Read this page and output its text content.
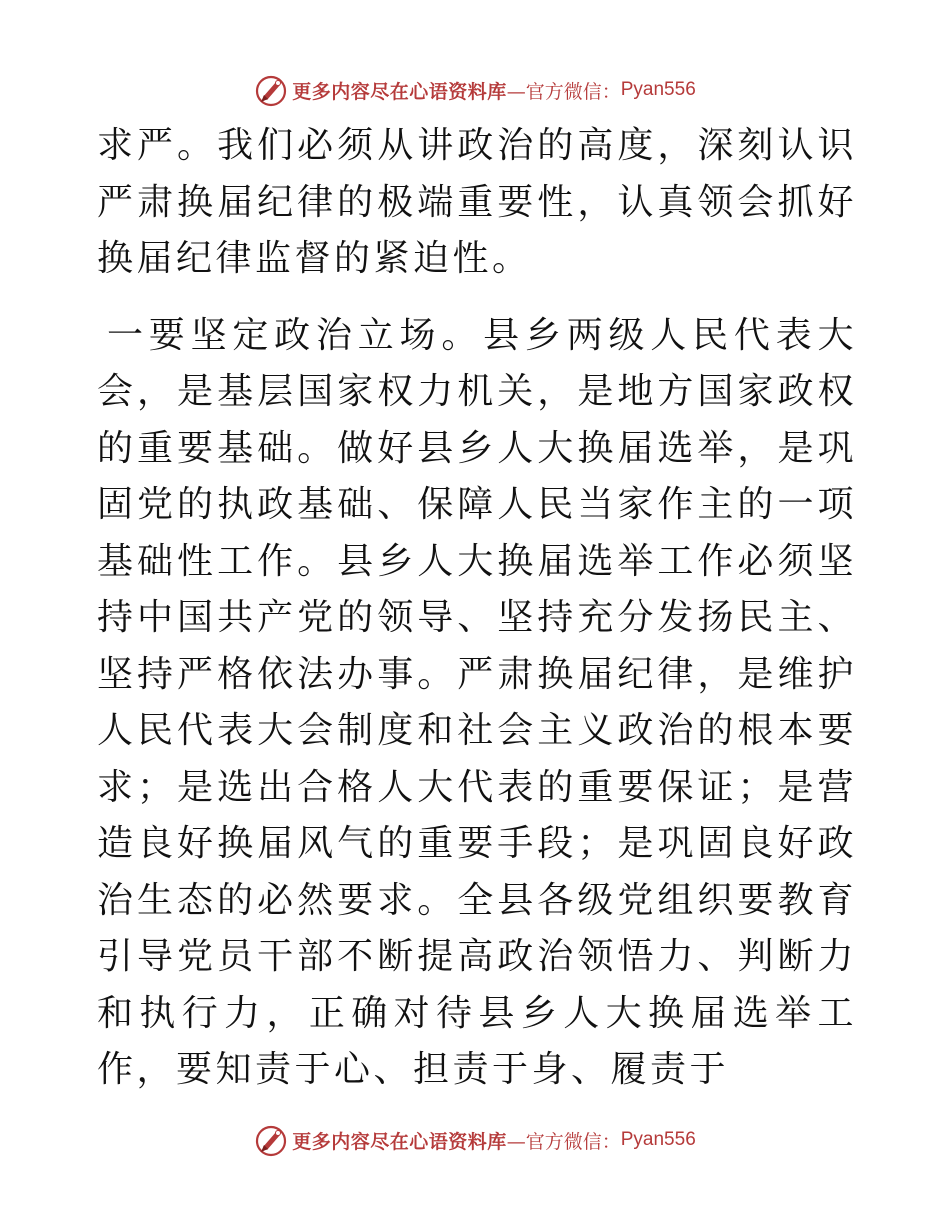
更多内容尽在心语资料库 —官方微信： Pyan556

求严。我们必须从讲政治的高度，深刻认识严肃换届纪律的极端重要性，认真领会抓好换届纪律监督的紧迫性。

一要坚定政治立场。县乡两级人民代表大会，是基层国家权力机关，是地方国家政权的重要基础。做好县乡人大换届选举，是巩固党的执政基础、保障人民当家作主的一项基础性工作。县乡人大换届选举工作必须坚持中国共产党的领导、坚持充分发扬民主、坚持严格依法办事。严肃换届纪律，是维护人民代表大会制度和社会主义政治的根本要求；是选出合格人大代表的重要保证；是营造良好换届风气的重要手段；是巩固良好政治生态的必然要求。全县各级党组织要教育引导党员干部不断提高政治领悟力、判断力和执行力，正确对待县乡人大换届选举工作，要知责于心、担责于身、履责于

更多内容尽在心语资料库 —官方微信： Pyan556
